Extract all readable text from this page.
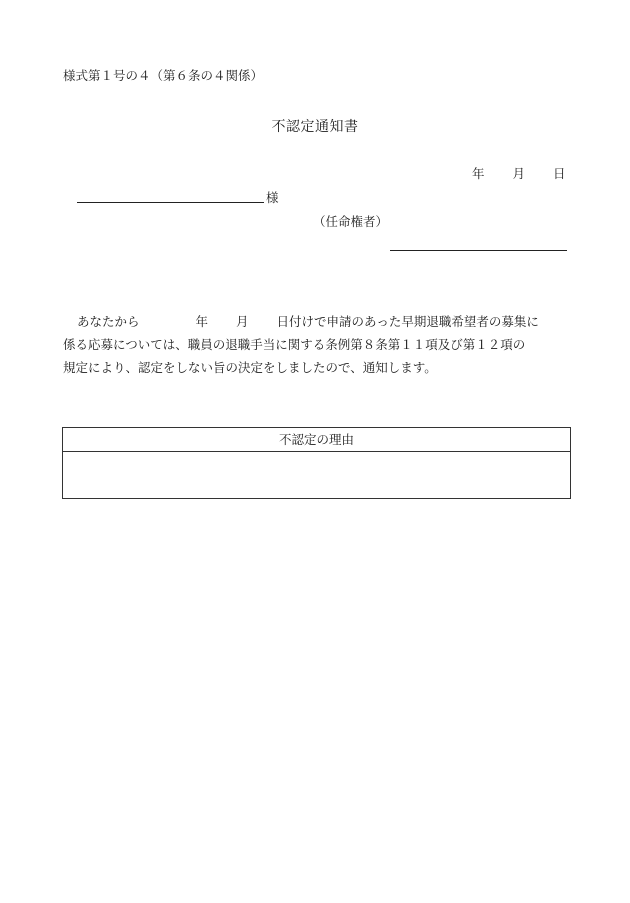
様式第１号の４（第６条の４関係）
不認定通知書
年 月 日
様
（任命権者）
あなたから	年 月 日付けで申請のあった早期退職希望者の募集に
係る応募については、職員の退職手当に関する条例第８条第１１項及び第１２項の
規定により、認定をしない旨の決定をしましたので、通知します。
不認定の理由
